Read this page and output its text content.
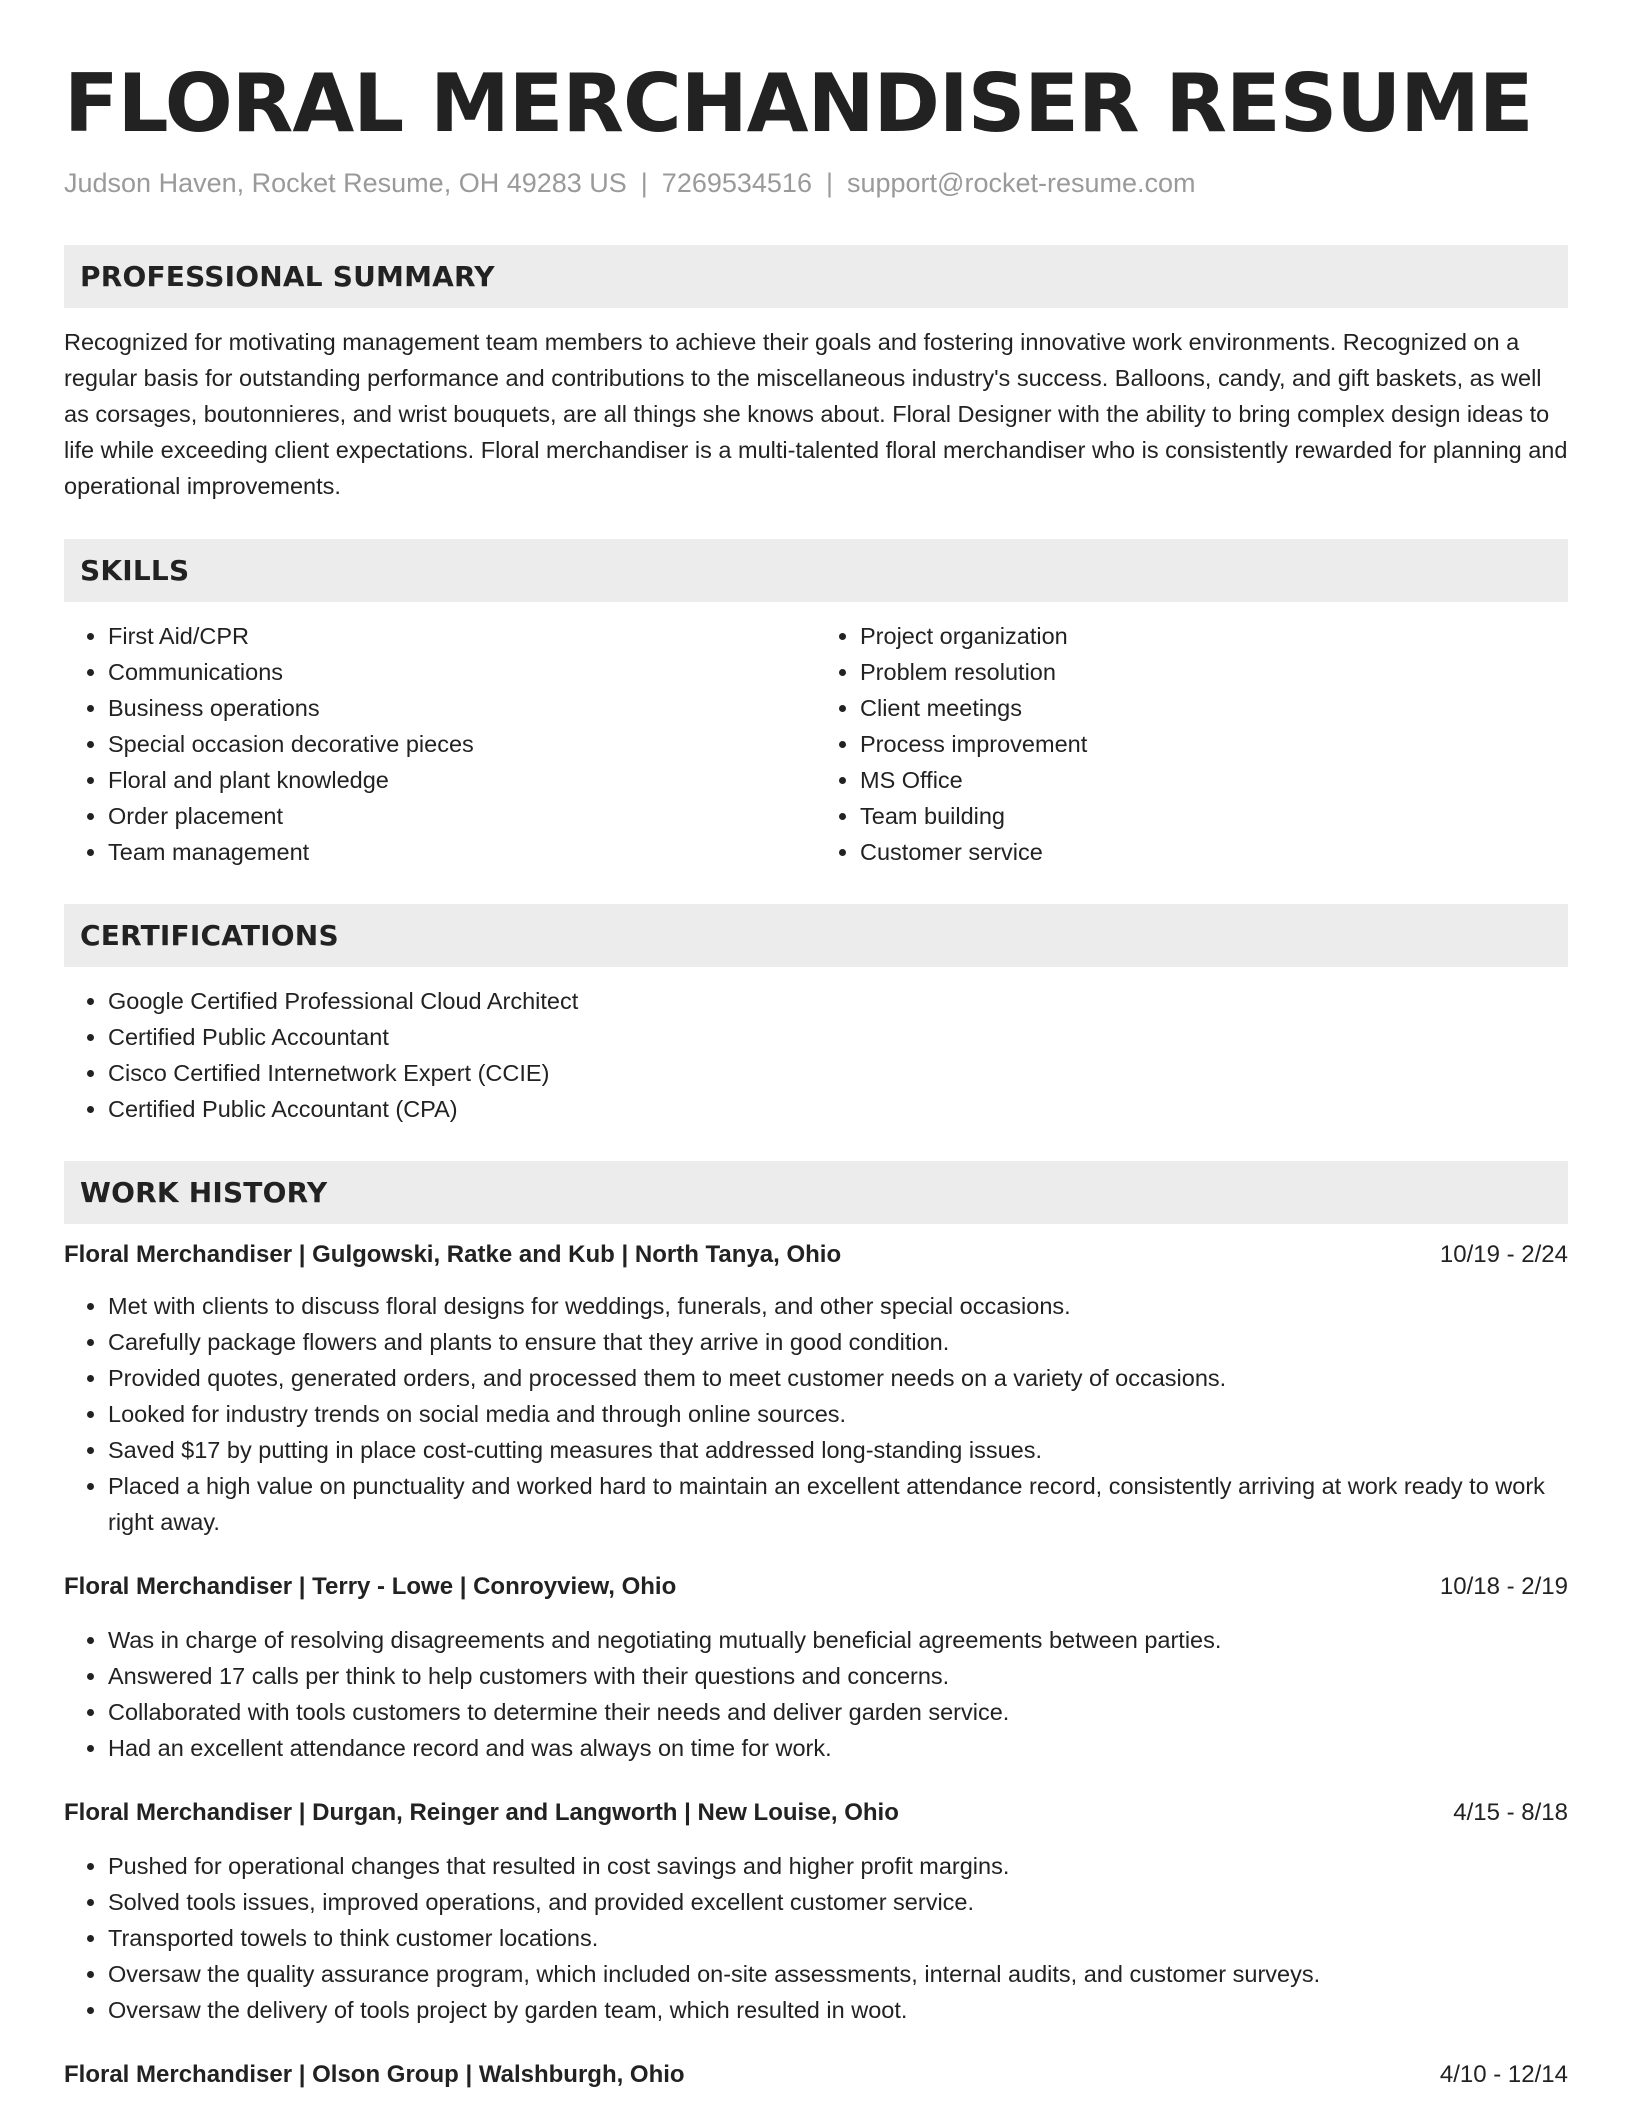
FLORAL MERCHANDISER RESUME
Judson Haven, Rocket Resume, OH 49283 US | 7269534516 | support@rocket-resume.com
PROFESSIONAL SUMMARY

Recognized for motivating management team members to achieve their goals and fostering innovative work environments. Recognized on a regular basis for outstanding performance and contributions to the miscellaneous industry's success. Balloons, candy, and gift baskets, as well as corsages, boutonnieres, and wrist bouquets, are all things she knows about. Floral Designer with the ability to bring complex design ideas to life while exceeding client expectations. Floral merchandiser is a multi-talented floral merchandiser who is consistently rewarded for planning and operational improvements.

SKILLS
• First Aid/CPR
• Communications
• Business operations
• Special occasion decorative pieces
• Floral and plant knowledge
• Order placement
• Team management
• Project organization
• Problem resolution
• Client meetings
• Process improvement
• MS Office
• Team building
• Customer service
CERTIFICATIONS
• Google Certified Professional Cloud Architect
• Certified Public Accountant
• Cisco Certified Internetwork Expert (CCIE)
• Certified Public Accountant (CPA)
WORK HISTORY
Floral Merchandiser | Gulgowski, Ratke and Kub | North Tanya, Ohio	10/19 - 2/24
• Met with clients to discuss floral designs for weddings, funerals, and other special occasions.
• Carefully package flowers and plants to ensure that they arrive in good condition.
• Provided quotes, generated orders, and processed them to meet customer needs on a variety of occasions.
• Looked for industry trends on social media and through online sources.
• Saved $17 by putting in place cost-cutting measures that addressed long-standing issues.
• Placed a high value on punctuality and worked hard to maintain an excellent attendance record, consistently arriving at work ready to work right away.
Floral Merchandiser | Terry - Lowe | Conroyview, Ohio	10/18 - 2/19
• Was in charge of resolving disagreements and negotiating mutually beneficial agreements between parties.
• Answered 17 calls per think to help customers with their questions and concerns.
• Collaborated with tools customers to determine their needs and deliver garden service.
• Had an excellent attendance record and was always on time for work.
Floral Merchandiser | Durgan, Reinger and Langworth | New Louise, Ohio	4/15 - 8/18
• Pushed for operational changes that resulted in cost savings and higher profit margins.
• Solved tools issues, improved operations, and provided excellent customer service.
• Transported towels to think customer locations.
• Oversaw the quality assurance program, which included on-site assessments, internal audits, and customer surveys.
• Oversaw the delivery of tools project by garden team, which resulted in woot.
Floral Merchandiser | Olson Group | Walshburgh, Ohio	4/10 - 12/14
